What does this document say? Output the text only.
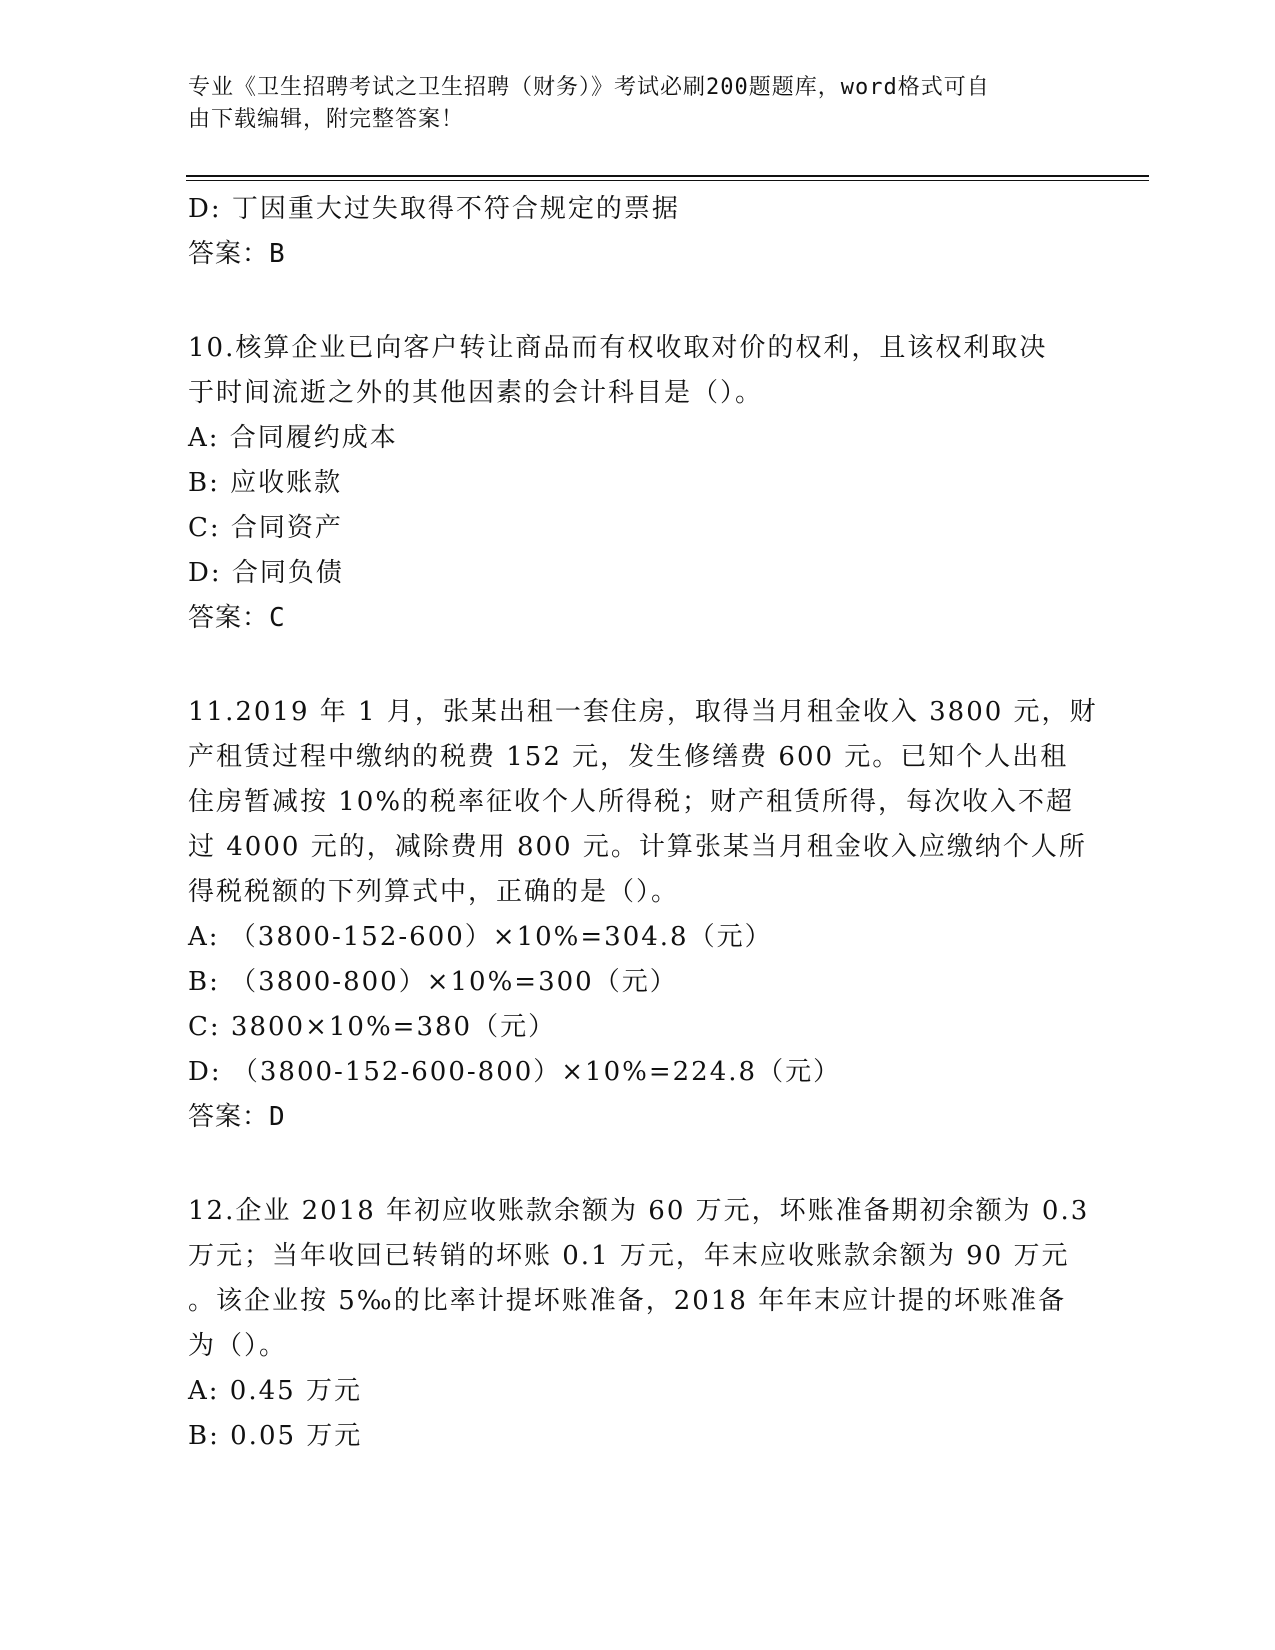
专业《卫生招聘考试之卫生招聘（财务）》考试必刷200题题库，word格式可自
由下载编辑，附完整答案！
D: 丁因重大过失取得不符合规定的票据
答案：B
10.核算企业已向客户转让商品而有权收取对价的权利，且该权利取决
于时间流逝之外的其他因素的会计科目是（）。
A: 合同履约成本
B: 应收账款
C: 合同资产
D: 合同负债
答案：C
11.2019 年 1 月，张某出租一套住房，取得当月租金收入 3800 元，财
产租赁过程中缴纳的税费 152 元，发生修缮费 600 元。已知个人出租
住房暂减按 10%的税率征收个人所得税；财产租赁所得，每次收入不超
过 4000 元的，减除费用 800 元。计算张某当月租金收入应缴纳个人所
得税税额的下列算式中，正确的是（）。
A: （3800-152-600）×10%=304.8（元）
B: （3800-800）×10%=300（元）
C: 3800×10%=380（元）
D: （3800-152-600-800）×10%=224.8（元）
答案：D
12.企业 2018 年初应收账款余额为 60 万元，坏账准备期初余额为 0.3
万元；当年收回已转销的坏账 0.1 万元，年末应收账款余额为 90 万元
。该企业按 5‰的比率计提坏账准备，2018 年年末应计提的坏账准备
为（）。
A: 0.45 万元
B: 0.05 万元
